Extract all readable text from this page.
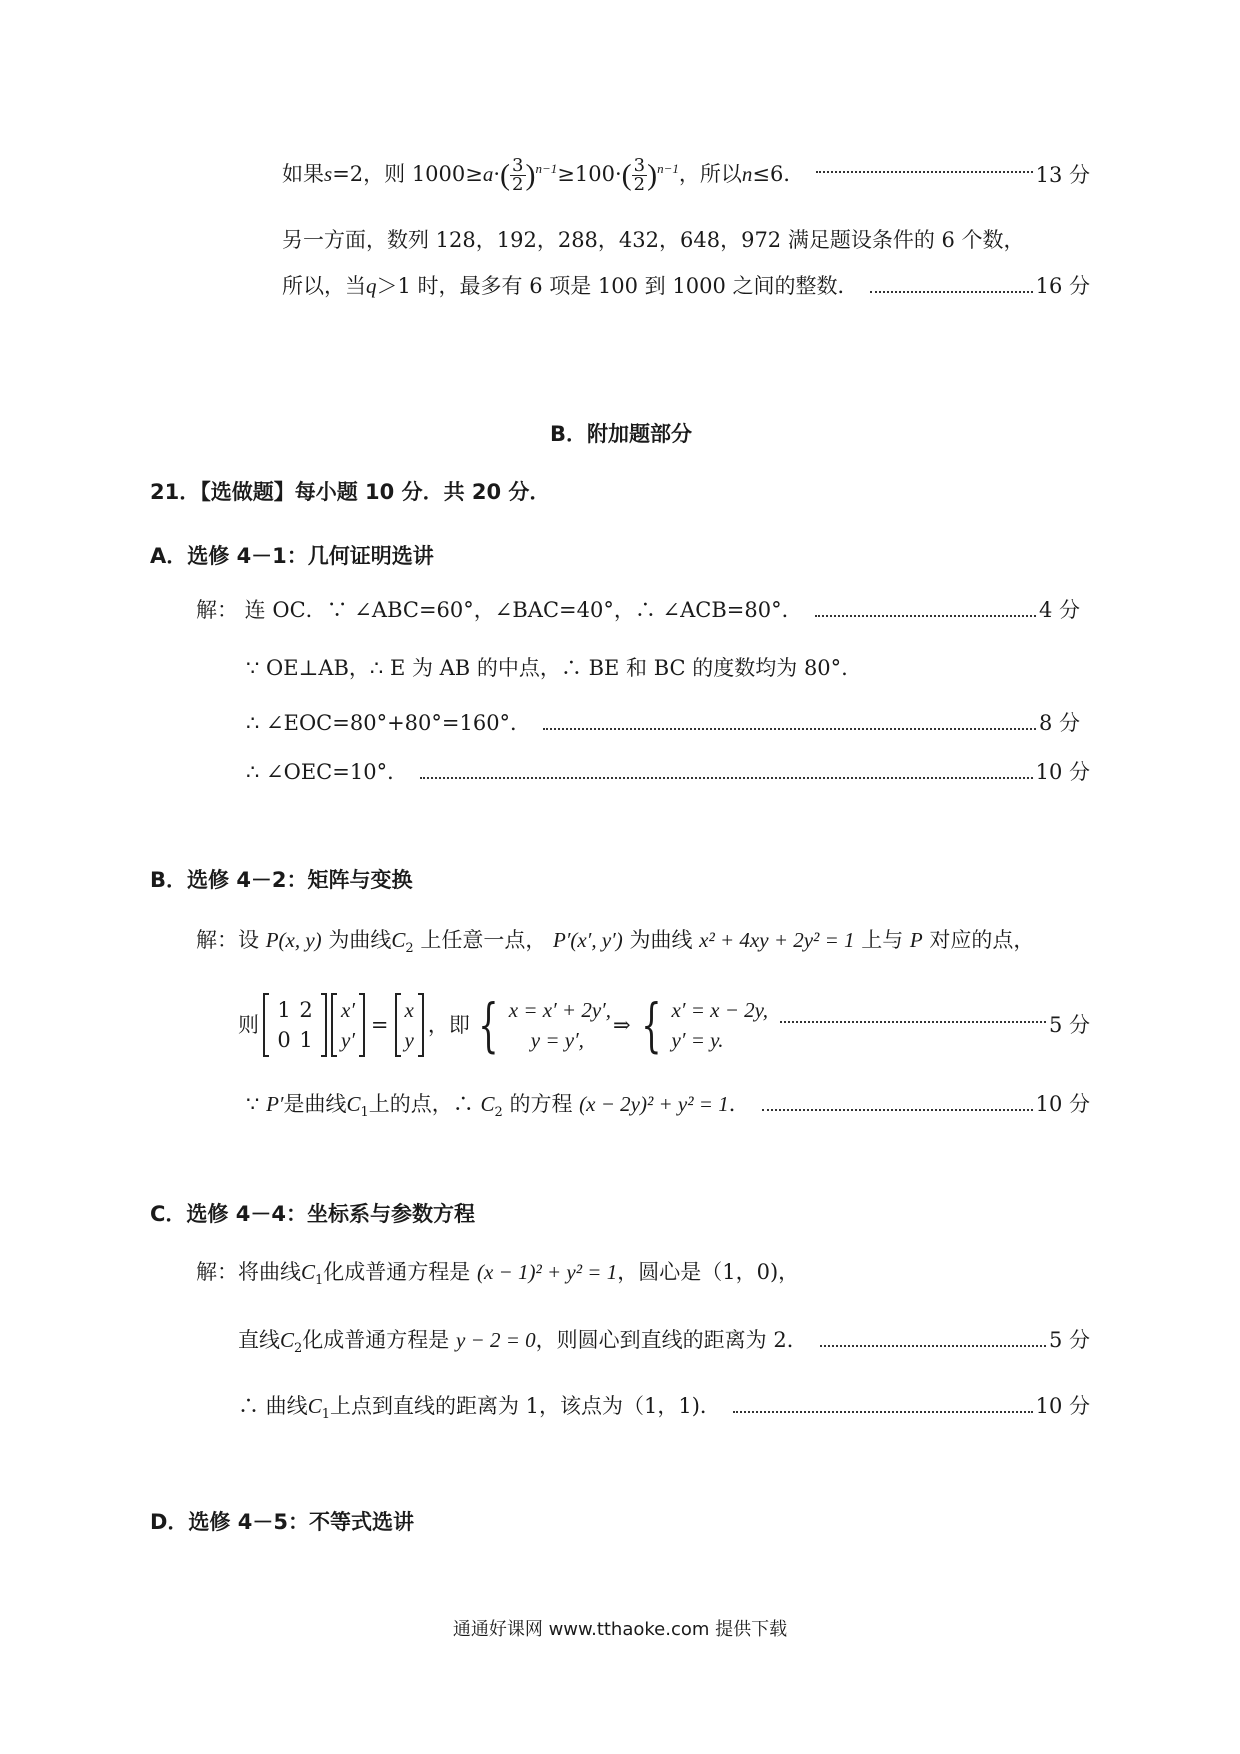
如果s=2，则 $1000\ge a\cdot( \frac{3}{2} )^{n-1}\ge 100\cdot( \frac{3}{2} )^{n-1}$，所以n≤6．	13 分
另一方面，数列 128，192，288，432，648，972 满足题设条件的 6 个数，
所以，当q＞1 时，最多有 6 项是 100 到 1000 之间的整数．	16 分
B．附加题部分
21．【选做题】每小题 10 分．共 20 分．
A．选修 4－1：几何证明选讲
解： 连 OC．∵ ∠ABC=60°，∠BAC=40°，∴ ∠ACB=80°．	4 分
∵ OE⊥AB，∴ E 为 AB 的中点，∴ BE 和 BC 的度数均为 80°.
∴ ∠EOC=80°+80°=160°．	8 分
∴ ∠OEC=10°．	10 分
B．选修 4－2：矩阵与变换
解：设 P(x, y) 为曲线$C_2$ 上任意一点， P′(x′, y′) 为曲线 x² + 4xy + 2y² = 1 上与 P 对应的点，
则
1 2
0 1
x′
y′
=
x
y
，即 { x = x′ + 2y′,
y = y′,
⇒ { x′ = x − 2y,
y′ = y.
5 分
∵ P′是曲线$C_1$上的点，∴ $C_2$ 的方程 (x − 2y)² + y² = 1．	10 分
C．选修 4－4：坐标系与参数方程
解：将曲线$C_1$化成普通方程是 (x − 1)² + y² = 1，圆心是（1，0)，
直线$C_2$化成普通方程是 y − 2 = 0，则圆心到直线的距离为 2．	5 分
∴ 曲线$C_1$上点到直线的距离为 1，该点为（1，1)．	10 分
D．选修 4－5：不等式选讲
通通好课网 www.tthaoke.com 提供下载
